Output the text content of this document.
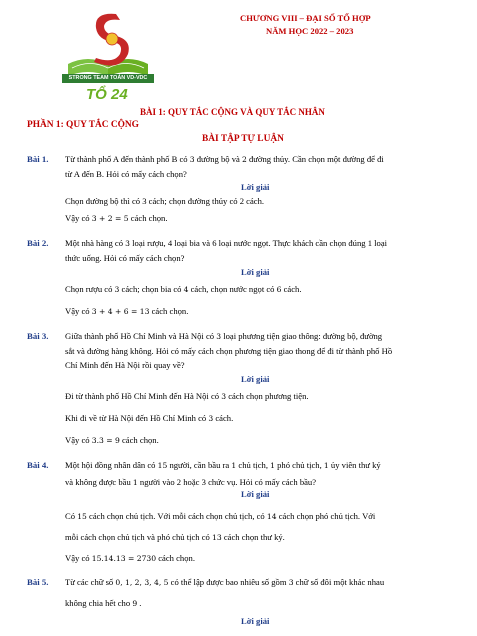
STRONG TEAM TOÁN VD-VDC
TỔ 24
CHƯƠNG VIII – ĐẠI SỐ TỔ HỢP
NĂM HỌC 2022 – 2023
BÀI 1: QUY TẮC CỘNG VÀ QUY TẮC NHÂN
PHẦN 1: QUY TẮC CỘNG
BÀI TẬP TỰ LUẬN
Bài 1. Từ thành phố A đến thành phố B có 3 đường bộ và 2 đường thủy. Cần chọn một đường để đi
từ A đến B. Hỏi có mấy cách chọn?
Lời giải
Chọn đường bộ thì có 3 cách; chọn đường thủy có 2 cách.
Vậy có 3 + 2 = 5 cách chọn.
Bài 2. Một nhà hàng có 3 loại rượu, 4 loại bia và 6 loại nước ngọt. Thực khách cần chọn đúng 1 loại
thức uống. Hỏi có mấy cách chọn?
Lời giải
Chọn rượu có 3 cách; chọn bia có 4 cách, chọn nước ngọt có 6 cách.
Vậy có 3 + 4 + 6 = 13 cách chọn.
Bài 3. Giữa thành phố Hồ Chí Minh và Hà Nội có 3 loại phương tiện giao thông: đường bộ, đường
sắt và đường hàng không. Hỏi có mấy cách chọn phương tiện giao thong để đi từ thành phố Hồ
Chí Minh đến Hà Nội rồi quay về?
Lời giải
Đi từ thành phố Hồ Chí Minh đến Hà Nội có 3 cách chọn phương tiện.
Khi đi về từ Hà Nội đến Hồ Chí Minh có 3 cách.
Vậy có 3.3 = 9 cách chọn.
Bài 4. Một hội đồng nhân dân có 15 người, cần bầu ra 1 chủ tịch, 1 phó chủ tịch, 1 ủy viên thư ký
và không được bầu 1 người vào 2 hoặc 3 chức vụ. Hỏi có mấy cách bầu?
Lời giải
Có 15 cách chọn chủ tịch. Với mỗi cách chọn chủ tịch, có 14 cách chọn phó chủ tịch. Với
mỗi cách chọn chủ tịch và phó chủ tịch có 13 cách chọn thư ký.
Vậy có 15.14.13 = 2730 cách chọn.
Bài 5. Từ các chữ số 0, 1, 2, 3, 4, 5 có thể lập được bao nhiêu số gồm 3 chữ số đôi một khác nhau
không chia hết cho 9 .
Lời giải
